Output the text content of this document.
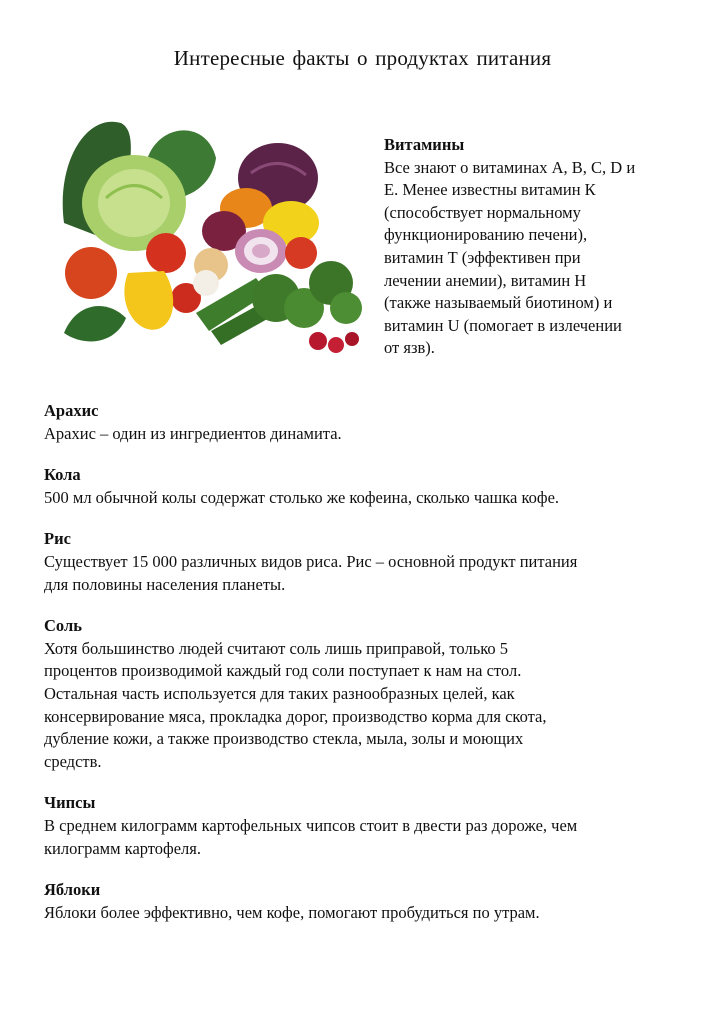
Интересные факты о продуктах питания
Витамины
Все знают о витаминах A, B, C, D и
E. Менее известны витамин К
(способствует нормальному
функционированию печени),
витамин Т (эффективен при
лечении анемии), витамин Н
(также называемый биотином) и
витамин U (помогает в излечении
от язв).
Арахис
Арахис – один из ингредиентов динамита.
Кола
500 мл обычной колы содержат столько же кофеина, сколько чашка кофе.
Рис
Существует 15 000 различных видов риса. Рис – основной продукт питания
для половины населения планеты.
Соль
Хотя большинство людей считают соль лишь приправой, только 5
процентов производимой каждый год соли поступает к нам на стол.
Остальная часть используется для таких разнообразных целей, как
консервирование мяса, прокладка дорог, производство корма для скота,
дубление кожи, а также производство стекла, мыла, золы и моющих
средств.
Чипсы
В среднем килограмм картофельных чипсов стоит в двести раз дороже, чем
килограмм картофеля.
Яблоки
Яблоки более эффективно, чем кофе, помогают пробудиться по утрам.
